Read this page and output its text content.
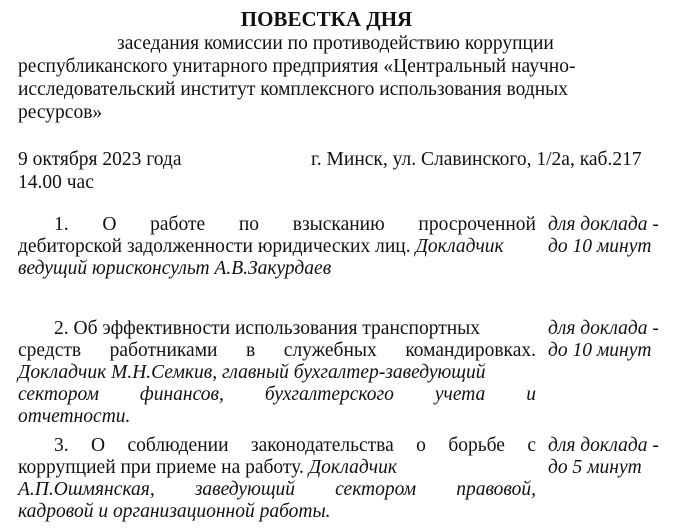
ПОВЕСТКА ДНЯ
заседания комиссии по противодействию коррупции
республиканского унитарного предприятия «Центральный научно-
исследовательский институт комплексного использования водных
ресурсов»
9 октября 2023 года	г. Минск, ул. Славинского, 1/2а, каб.217
14.00 час
1. О работе по взысканию просроченной
дебиторской задолженности юридических лиц. Докладчик
ведущий юрисконсульт А.В.Закурдаев
для доклада -
до 10 минут
2. Об эффективности использования транспортных
средств работниками в служебных командировках.
Докладчик М.Н.Семкив, главный бухгалтер-заведующий
сектором финансов, бухгалтерского учета и
отчетности.
для доклада -
до 10 минут
3. О соблюдении законодательства о борьбе с
коррупцией при приеме на работу. Докладчик
А.П.Ошмянская, заведующий сектором правовой,
кадровой и организационной работы.
для доклада -
до 5 минут
